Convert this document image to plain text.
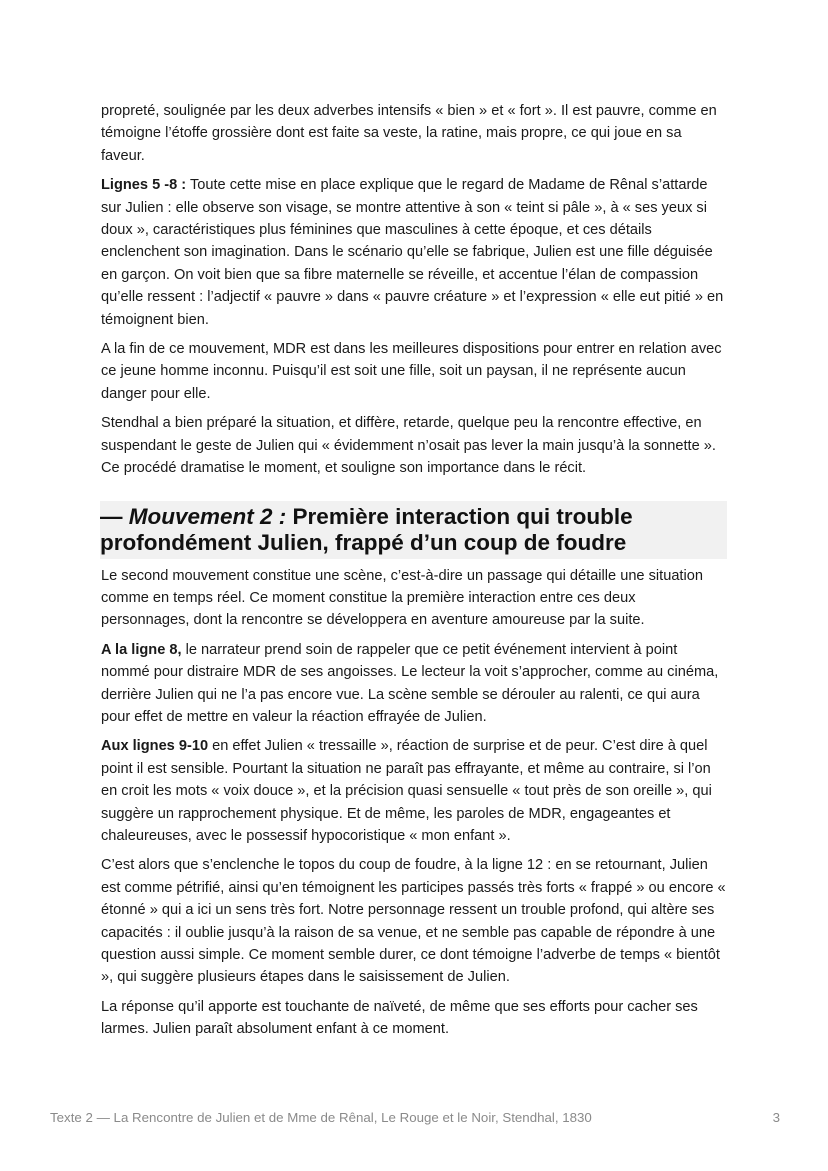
propreté, soulignée par les deux adverbes intensifs « bien » et « fort ». Il est pauvre, comme en témoigne l’étoffe grossière dont est faite sa veste, la ratine, mais propre, ce qui joue en sa faveur.

Lignes 5 -8 : Toute cette mise en place explique que le regard de Madame de Rênal s’attarde sur Julien : elle observe son visage, se montre attentive à son « teint si pâle », à « ses yeux si doux », caractéristiques plus féminines que masculines à cette époque, et ces détails enclenchent son imagination. Dans le scénario qu’elle se fabrique, Julien est une fille déguisée en garçon. On voit bien que sa fibre maternelle se réveille, et accentue l’élan de compassion qu’elle ressent : l’adjectif « pauvre » dans « pauvre créature » et l’expression « elle eut pitié » en témoignent bien.

A la fin de ce mouvement, MDR est dans les meilleures dispositions pour entrer en relation avec ce jeune homme inconnu. Puisqu’il est soit une fille, soit un paysan, il ne représente aucun danger pour elle.

Stendhal a bien préparé la situation, et diffère, retarde, quelque peu la rencontre effective, en suspendant le geste de Julien qui « évidemment n’osait pas lever la main jusqu’à la sonnette ». Ce procédé dramatise le moment, et souligne son importance dans le récit.

— Mouvement 2 : Première interaction qui trouble profondément Julien, frappé d’un coup de foudre

Le second mouvement constitue une scène, c’est-à-dire un passage qui détaille une situation comme en temps réel. Ce moment constitue la première interaction entre ces deux personnages, dont la rencontre se développera en aventure amoureuse par la suite.

A la ligne 8, le narrateur prend soin de rappeler que ce petit événement intervient à point nommé pour distraire MDR de ses angoisses. Le lecteur la voit s’approcher, comme au cinéma, derrière Julien qui ne l’a pas encore vue. La scène semble se dérouler au ralenti, ce qui aura pour effet de mettre en valeur la réaction effrayée de Julien.

Aux lignes 9-10 en effet Julien « tressaille », réaction de surprise et de peur. C’est dire à quel point il est sensible. Pourtant la situation ne paraît pas effrayante, et même au contraire, si l’on en croit les mots « voix douce », et la précision quasi sensuelle « tout près de son oreille », qui suggère un rapprochement physique. Et de même, les paroles de MDR, engageantes et chaleureuses, avec le possessif hypocoristique « mon enfant ».

C’est alors que s’enclenche le topos du coup de foudre, à la ligne 12 : en se retournant, Julien est comme pétrifié, ainsi qu’en témoignent les participes passés très forts « frappé » ou encore « étonné » qui a ici un sens très fort. Notre personnage ressent un trouble profond, qui altère ses capacités : il oublie jusqu’à la raison de sa venue, et ne semble pas capable de répondre à une question aussi simple. Ce moment semble durer, ce dont témoigne l’adverbe de temps « bientôt », qui suggère plusieurs étapes dans le saisissement de Julien.

La réponse qu’il apporte est touchante de naïveté, de même que ses efforts pour cacher ses larmes. Julien paraît absolument enfant à ce moment.

Texte 2 — La Rencontre de Julien et de Mme de Rênal, Le Rouge et le Noir, Stendhal, 1830	3
